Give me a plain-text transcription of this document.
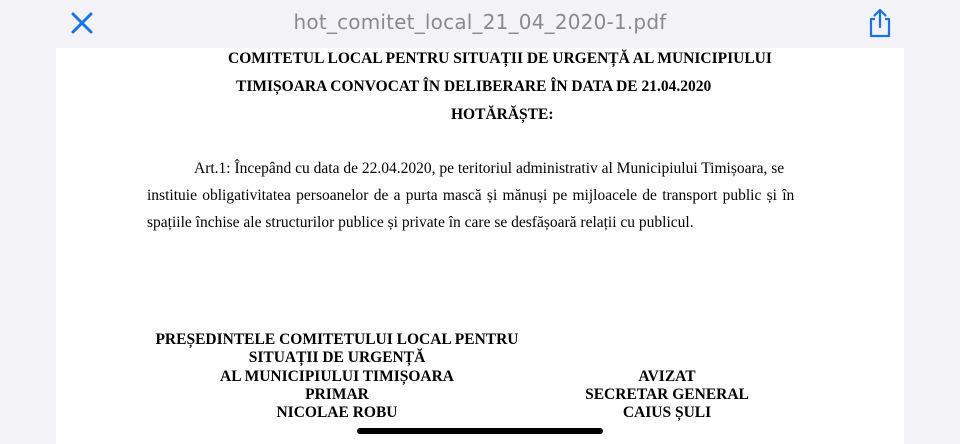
hot_comitet_local_21_04_2020-1.pdf
COMITETUL LOCAL PENTRU SITUAȚII DE URGENȚĂ AL MUNICIPIULUI
TIMIȘOARA CONVOCAT ÎN DELIBERARE ÎN DATA DE 21.04.2020
HOTĂRĂȘTE:
Art.1: Începând cu data de 22.04.2020, pe teritoriul administrativ al Municipiului Timișoara, se
instituie obligativitatea persoanelor de a purta mască și mănuși pe mijloacele de transport public și în
spațiile închise ale structurilor publice și private în care se desfășoară relații cu publicul.
PREȘEDINTELE COMITETULUI LOCAL PENTRU
SITUAȚII DE URGENȚĂ
AL MUNICIPIULUI TIMIȘOARA
PRIMAR
NICOLAE ROBU
AVIZAT
SECRETAR GENERAL
CAIUS ȘULI
